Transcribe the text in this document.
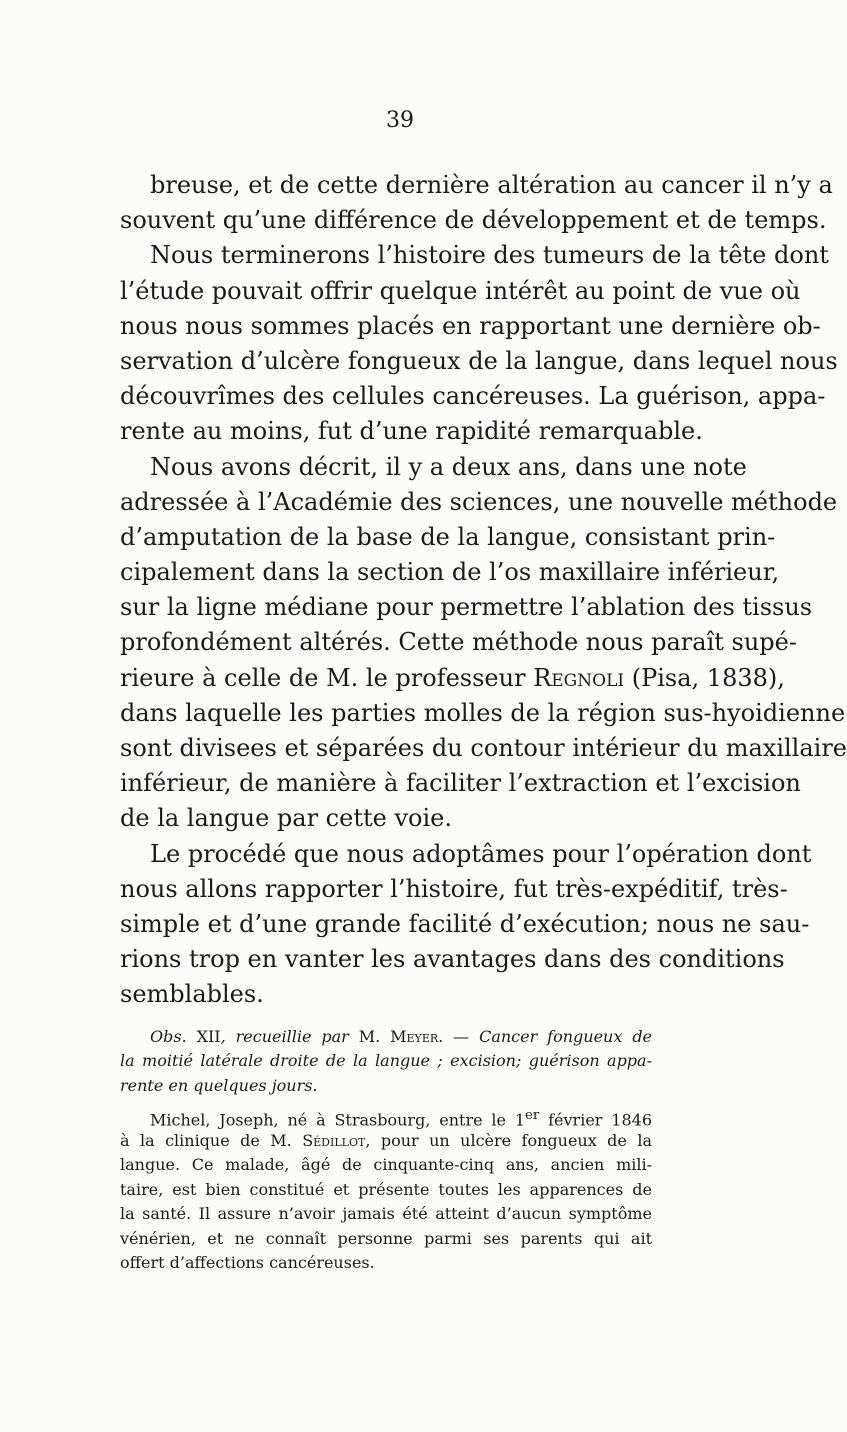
39
breuse, et de cette dernière altération au cancer il n’y a
souvent qu’une différence de développement et de temps.
Nous terminerons l’histoire des tumeurs de la tête dont
l’étude pouvait offrir quelque intérêt au point de vue où
nous nous sommes placés en rapportant une dernière ob-
servation d’ulcère fongueux de la langue, dans lequel nous
découvrîmes des cellules cancéreuses. La guérison, appa-
rente au moins, fut d’une rapidité remarquable.
Nous avons décrit, il y a deux ans, dans une note
adressée à l’Académie des sciences, une nouvelle méthode
d’amputation de la base de la langue, consistant prin-
cipalement dans la section de l’os maxillaire inférieur,
sur la ligne médiane pour permettre l’ablation des tissus
profondément altérés. Cette méthode nous paraît supé-
rieure à celle de M. le professeur Regnoli (Pisa, 1838),
dans laquelle les parties molles de la région sus-hyoidienne
sont divisees et séparées du contour intérieur du maxillaire
inférieur, de manière à faciliter l’extraction et l’excision
de la langue par cette voie.
Le procédé que nous adoptâmes pour l’opération dont
nous allons rapporter l’histoire, fut très-expéditif, très-
simple et d’une grande facilité d’exécution; nous ne sau-
rions trop en vanter les avantages dans des conditions
semblables.
Obs. XII, recueillie par M. Meyer. — Cancer fongueux de
la moitié latérale droite de la langue ; excision; guérison appa-
rente en quelques jours.
Michel, Joseph, né à Strasbourg, entre le 1er février 1846
à la clinique de M. Sédillot, pour un ulcère fongueux de la
langue. Ce malade, âgé de cinquante-cinq ans, ancien mili-
taire, est bien constitué et présente toutes les apparences de
la santé. Il assure n’avoir jamais été atteint d’aucun symptôme
vénérien, et ne connaît personne parmi ses parents qui ait
offert d’affections cancéreuses.
